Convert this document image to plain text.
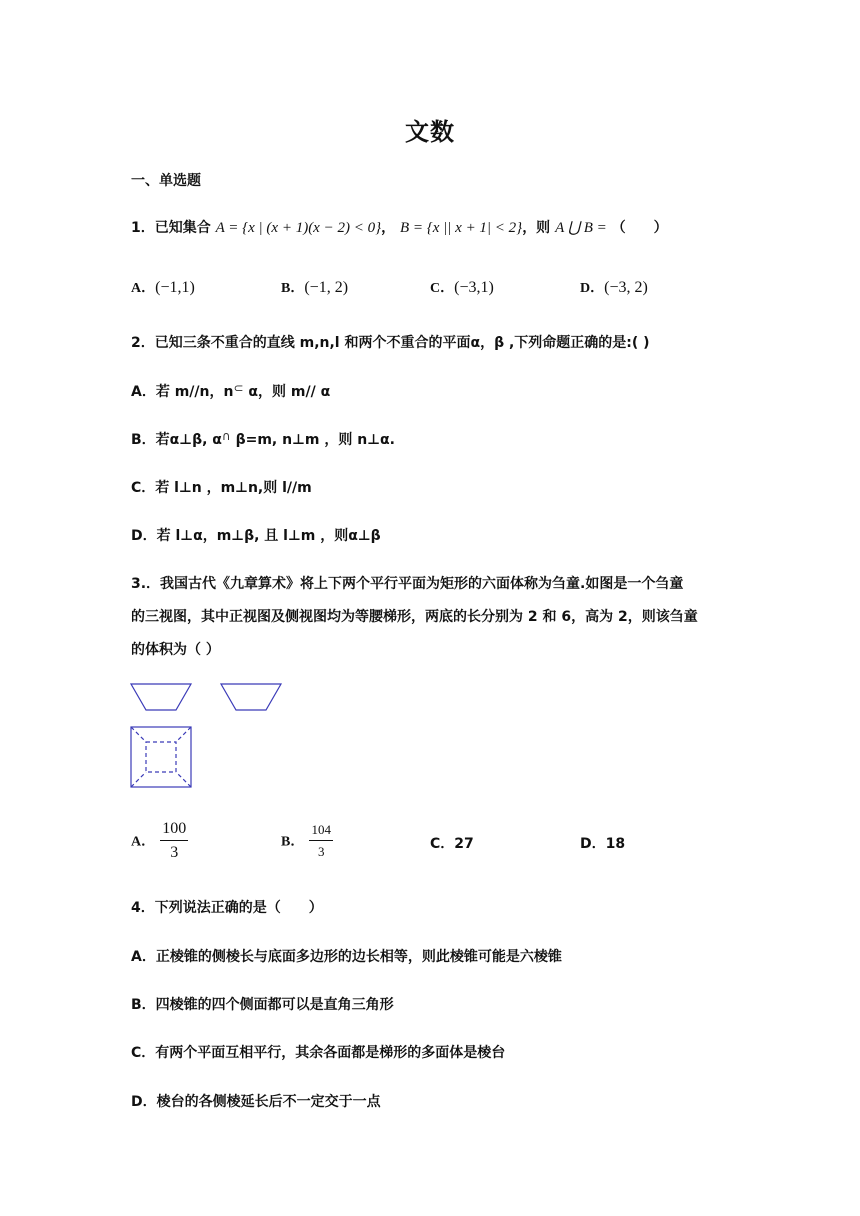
文数
一、单选题
1．已知集合 A = {x | (x + 1)(x − 2) < 0}， B = {x || x + 1| < 2}，则 A ⋃ B = （　　）
A．(−1,1)	B．(−1, 2)	C．(−3,1)	D．(−3, 2)
2．已知三条不重合的直线 m,n,l 和两个不重合的平面α，β ,下列命题正确的是:( )
A．若 m//n，n⊂ α，则 m// α
B．若α⊥β, α∩ β=m, n⊥m ，则 n⊥α.
C．若 l⊥n ，m⊥n,则 l//m
D．若 l⊥α，m⊥β, 且 l⊥m ，则α⊥β
3.．我国古代《九章算术》将上下两个平行平面为矩形的六面体称为刍童.如图是一个刍童
的三视图，其中正视图及侧视图均为等腰梯形，两底的长分别为 2 和 6，高为 2，则该刍童
的体积为（ ）
A． $\frac{100}{3}$	B． $\frac{104}{3}$	C．27	D．18
4．下列说法正确的是（　　）
A．正棱锥的侧棱长与底面多边形的边长相等，则此棱锥可能是六棱锥
B．四棱锥的四个侧面都可以是直角三角形
C．有两个平面互相平行，其余各面都是梯形的多面体是棱台
D．棱台的各侧棱延长后不一定交于一点
